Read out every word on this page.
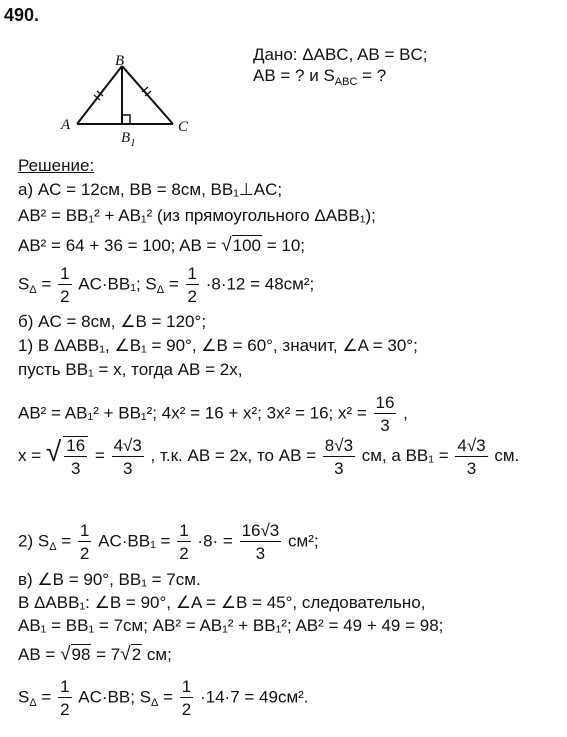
490.
A
B
C
$B_1$
Дано: ΔABC, AB = BC;
AB = ? и $S_{ABC}$ = ?
Решение:
а) AC = 12см, BB = 8см, BB₁⊥AC;
AB² = BB₁² + AB₁² (из прямоугольного ΔABB₁);
AB² = 64 + 36 = 100; AB = √100 = 10;
$S_\Delta = \frac{1}{2} AC\cdot BB_1$; $S_\Delta = \frac{1}{2} \cdot 8\cdot 12 = 48см^2$;
б) AC = 8см, ∠B = 120°;
1) В ΔABB₁, ∠B₁ = 90°, ∠B = 60°, значит, ∠A = 30°;
пусть BB₁ = x, тогда AB = 2x,
AB² = AB₁² + BB₁²; 4x² = 16 + x²; 3x² = 16; $x^2 = \frac{16}{3}$ ,
x = √ $\frac{16}{3} = \frac{4√3}{3}$ , т.к. AB = 2x, то AB = $\frac{8√3}{3}$ см, а $BB_1 = \frac{4√3}{3}$ см.
2) $S_\Delta = \frac{1}{2} AC\cdot BB_1 = \frac{1}{2} \cdot 8\cdot = \frac{16√3}{3} см^2$;
в) ∠B = 90°, BB₁ = 7см.
В ΔABB₁: ∠B = 90°, ∠A = ∠B = 45°, следовательно,
AB₁ = BB₁ = 7см; AB² = AB₁² + BB₁²; AB² = 49 + 49 = 98;
AB = √98 = 7√2 см;
$S_\Delta = \frac{1}{2} AC\cdot BB$; $S_\Delta = \frac{1}{2} \cdot 14\cdot 7 = 49см^2$.
